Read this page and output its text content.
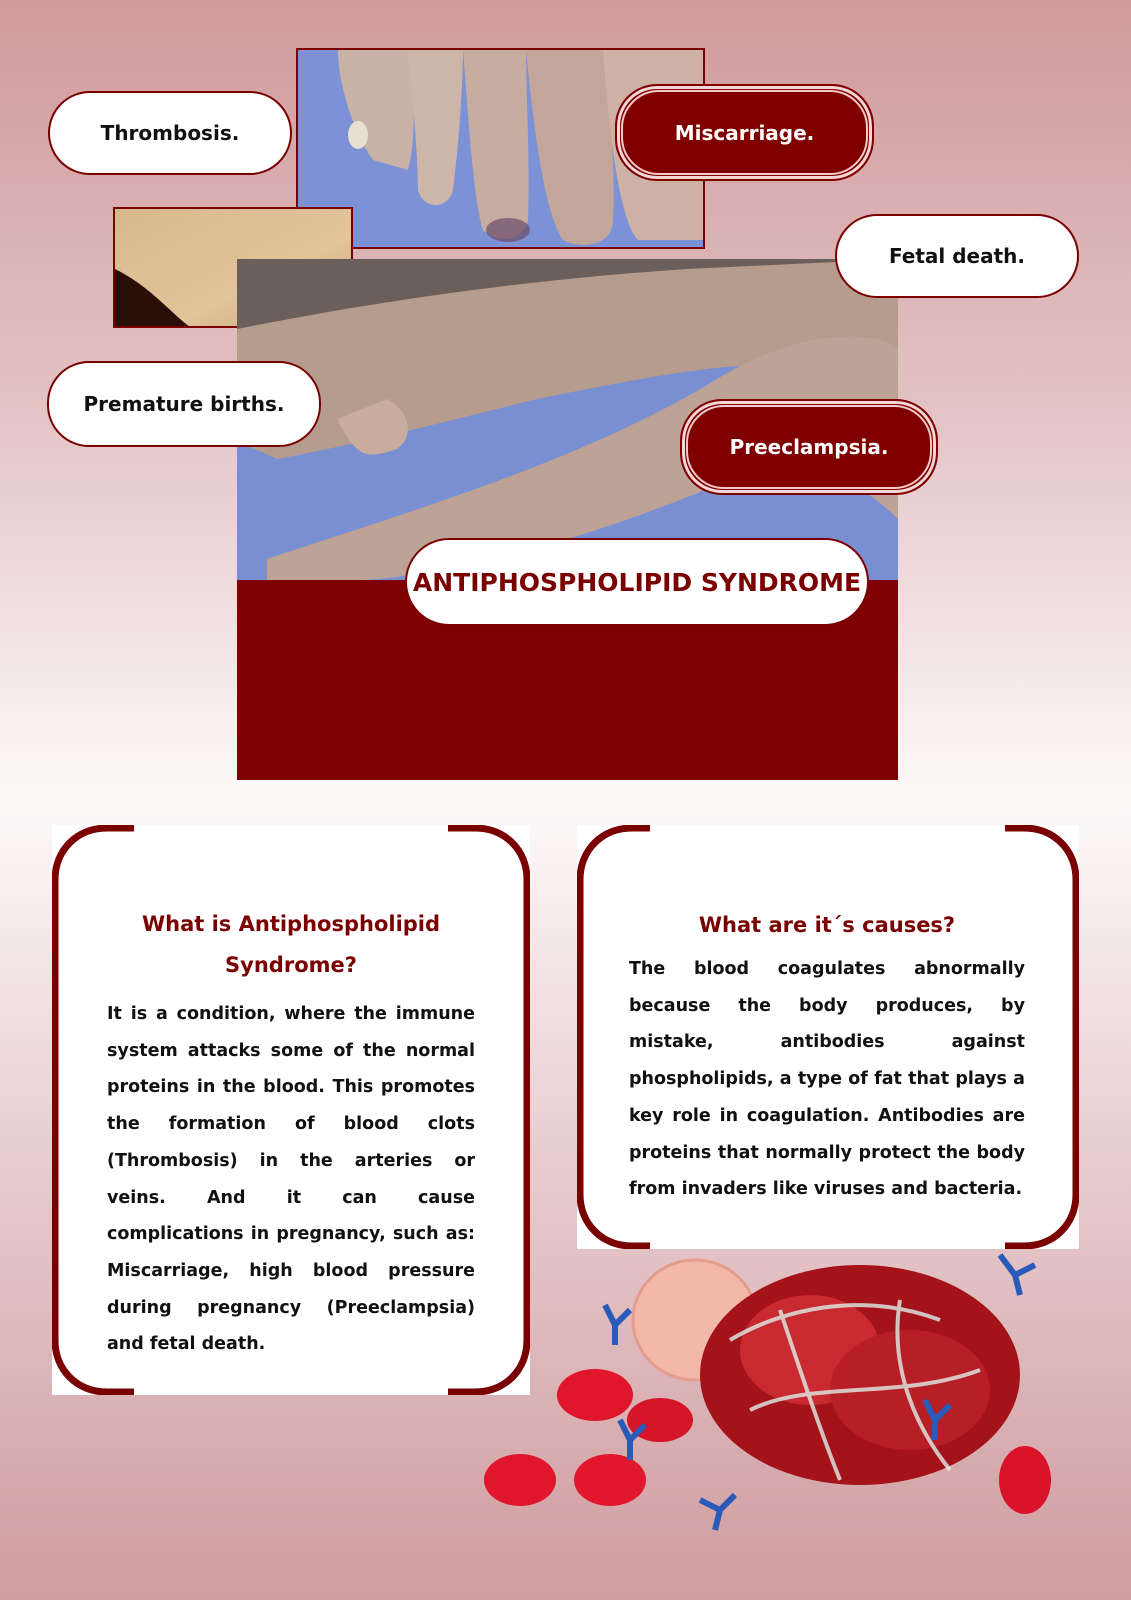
ANTIPHOSPHOLIPID SYNDROME
Thrombosis.	Miscarriage.
Fetal death.
Premature births.
Preeclampsia.
What is Antiphospholipid
Syndrome?

It is a condition, where the immune system attacks some of the normal proteins in the blood. This promotes the formation of blood clots (Thrombosis) in the arteries or veins. And it can cause complications in pregnancy, such as: Miscarriage, high blood pressure during pregnancy (Preeclampsia) and fetal death.

What are it´s causes?

The blood coagulates abnormally because the body produces, by mistake, antibodies against phospholipids, a type of fat that plays a key role in coagulation. Antibodies are proteins that normally protect the body from invaders like viruses and bacteria.
